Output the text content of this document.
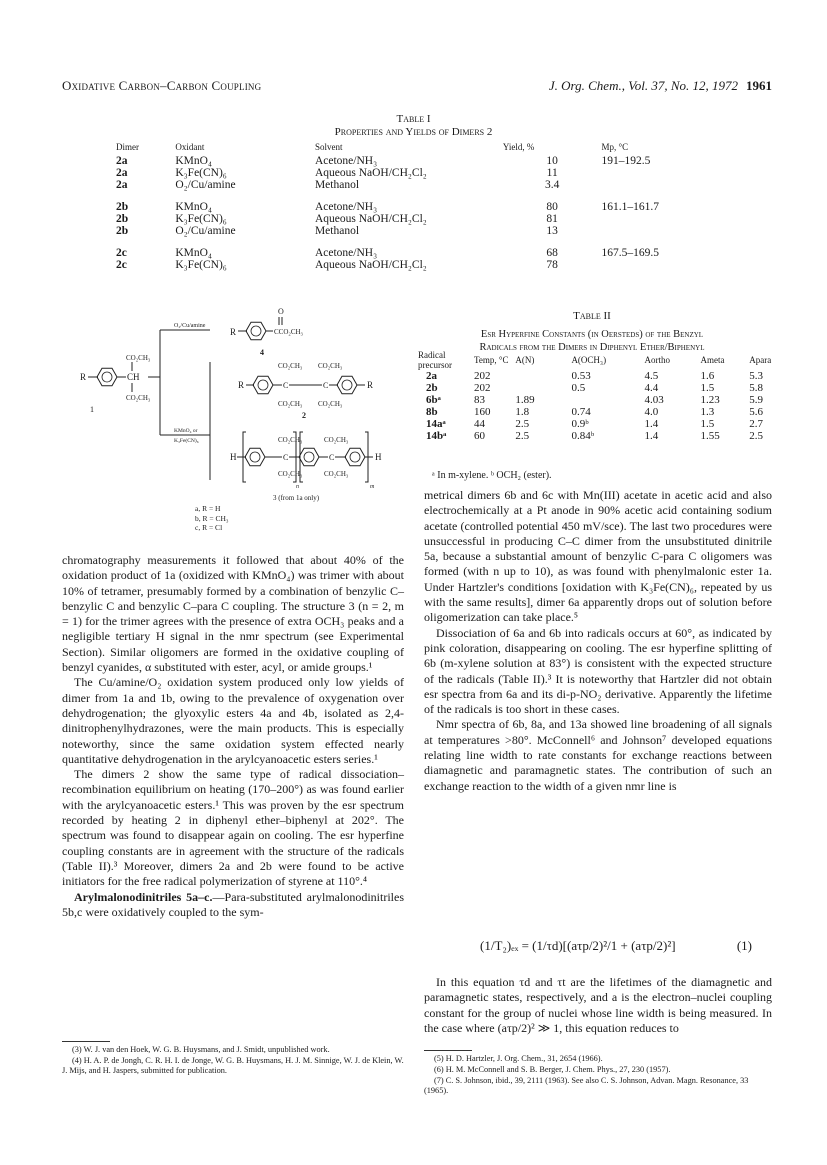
Oxidative Carbon–Carbon Coupling	J. Org. Chem., Vol. 37, No. 12, 1972 1961
Table I
Properties and Yields of Dimers 2
Dimer	Oxidant	Solvent	Yield, %	Mp, °C
2a	KMnO₄	Acetone/NH₃	10	191–192.5
2a	K₃Fe(CN)₆	Aqueous NaOH/CH₂Cl₂	11	
2a	O₂/Cu/amine	Methanol	3.4	

2b	KMnO₄	Acetone/NH₃	80	161.1–161.7
2b	K₃Fe(CN)₆	Aqueous NaOH/CH₂Cl₂	81	
2b	O₂/Cu/amine	Methanol	13	

2c	KMnO₄	Acetone/NH₃	68	167.5–169.5
2c	K₃Fe(CN)₆	Aqueous NaOH/CH₂Cl₂	78	
R	CH
CO₂CH₃
CO₂CH₃
1
O₂/Cu/amine
KMnO₄ or
K₃Fe(CN)₆
R	CCO₂CH₃
O
4
R	C	C	R
CO₂CH₃ CO₂CH₃
CO₂CH₃ CO₂CH₃
2
H	C	C	H
CO₂CH₃	CO₂CH₃
CO₂CH₃	CO₂CH₃
n	m
3 (from 1a only)
a, R = H
b, R = CH₃
c, R = Cl

chromatography measurements it followed that about 40% of the oxidation product of 1a (oxidized with KMnO₄) was trimer with about 10% of tetramer, presumably formed by a combination of benzylic C–benzylic C and benzylic C–para C coupling. The structure 3 (n = 2, m = 1) for the trimer agrees with the presence of extra OCH₃ peaks and a negligible tertiary H signal in the nmr spectrum (see Experimental Section). Similar oligomers are formed in the oxidative coupling of benzyl cyanides, α substituted with ester, acyl, or amide groups.¹

The Cu/amine/O₂ oxidation system produced only low yields of dimer from 1a and 1b, owing to the prevalence of oxygenation over dehydrogenation; the glyoxylic esters 4a and 4b, isolated as 2,4-dinitrophenylhydrazones, were the main products. This is especially noteworthy, since the same oxidation system effected nearly quantitative dehydrogenation in the arylcyanoacetic esters series.¹

The dimers 2 show the same type of radical dissociation–recombination equilibrium on heating (170–200°) as was found earlier with the arylcyanoacetic esters.¹ This was proven by the esr spectrum recorded by heating 2 in diphenyl ether–biphenyl at 202°. The spectrum was found to disappear again on cooling. The esr hyperfine coupling constants are in agreement with the structure of the radicals (Table II).³ Moreover, dimers 2a and 2b were found to be active initiators for the free radical polymerization of styrene at 110°.⁴

Arylmalonodinitriles 5a–c.—Para-substituted arylmalonodinitriles 5b,c were oxidatively coupled to the sym-

(3) W. J. van den Hoek, W. G. B. Huysmans, and J. Smidt, unpublished work.

(4) H. A. P. de Jongh, C. R. H. I. de Jonge, W. G. B. Huysmans, H. J. M. Sinnige, W. J. de Klein, W. J. Mijs, and H. Jaspers, submitted for publication.

Table II
Esr Hyperfine Constants (in Oersteds) of the Benzyl
Radicals from the Dimers in Diphenyl Ether/Biphenyl
Radical precursor	Temp, °C	A(N)	A(OCH₃)	Aortho	Ameta	Apara
2a	202		0.53	4.5	1.6	5.3
2b	202		0.5	4.4	1.5	5.8
6bᵃ	83	1.89		4.03	1.23	5.9
8b	160	1.8	0.74	4.0	1.3	5.6
14aᵃ	44	2.5	0.9ᵇ	1.4	1.5	2.7
14bᵃ	60	2.5	0.84ᵇ	1.4	1.55	2.5
ᵃ In m-xylene. ᵇ OCH₂ (ester).

metrical dimers 6b and 6c with Mn(III) acetate in acetic acid and also electrochemically at a Pt anode in 90% acetic acid containing sodium acetate (controlled potential 450 mV/sce). The last two procedures were unsuccessful in producing C–C dimer from the unsubstituted dinitrile 5a, because a substantial amount of benzylic C-para C oligomers was formed (with n up to 10), as was found with phenylmalonic ester 1a. Under Hartzler's conditions [oxidation with K₃Fe(CN)₆, repeated by us with the same results], dimer 6a apparently drops out of solution before oligomerization can take place.⁵

Dissociation of 6a and 6b into radicals occurs at 60°, as indicated by pink coloration, disappearing on cooling. The esr hyperfine splitting of 6b (m-xylene solution at 83°) is consistent with the expected structure of the radicals (Table II).³ It is noteworthy that Hartzler did not obtain esr spectra from 6a and its di-p-NO₂ derivative. Apparently the lifetime of the radicals is too short in these cases.

Nmr spectra of 6b, 8a, and 13a showed line broadening of all signals at temperatures >80°. McConnell⁶ and Johnson⁷ developed equations relating line width to rate constants for exchange reactions between diamagnetic and paramagnetic states. The contribution of such an exchange reaction to the width of a given nmr line is

(1/T₂)ₑₓ = (1/τd)[(aτp/2)²/1 + (aτp/2)²]	(1)

In this equation τd and τt are the lifetimes of the diamagnetic and paramagnetic states, respectively, and a is the electron–nuclei coupling constant for the group of nuclei whose line width is being measured. In the case where (aτp/2)² ≫ 1, this equation reduces to

(5) H. D. Hartzler, J. Org. Chem., 31, 2654 (1966).

(6) H. M. McConnell and S. B. Berger, J. Chem. Phys., 27, 230 (1957).

(7) C. S. Johnson, ibid., 39, 2111 (1963). See also C. S. Johnson, Advan. Magn. Resonance, 33 (1965).
